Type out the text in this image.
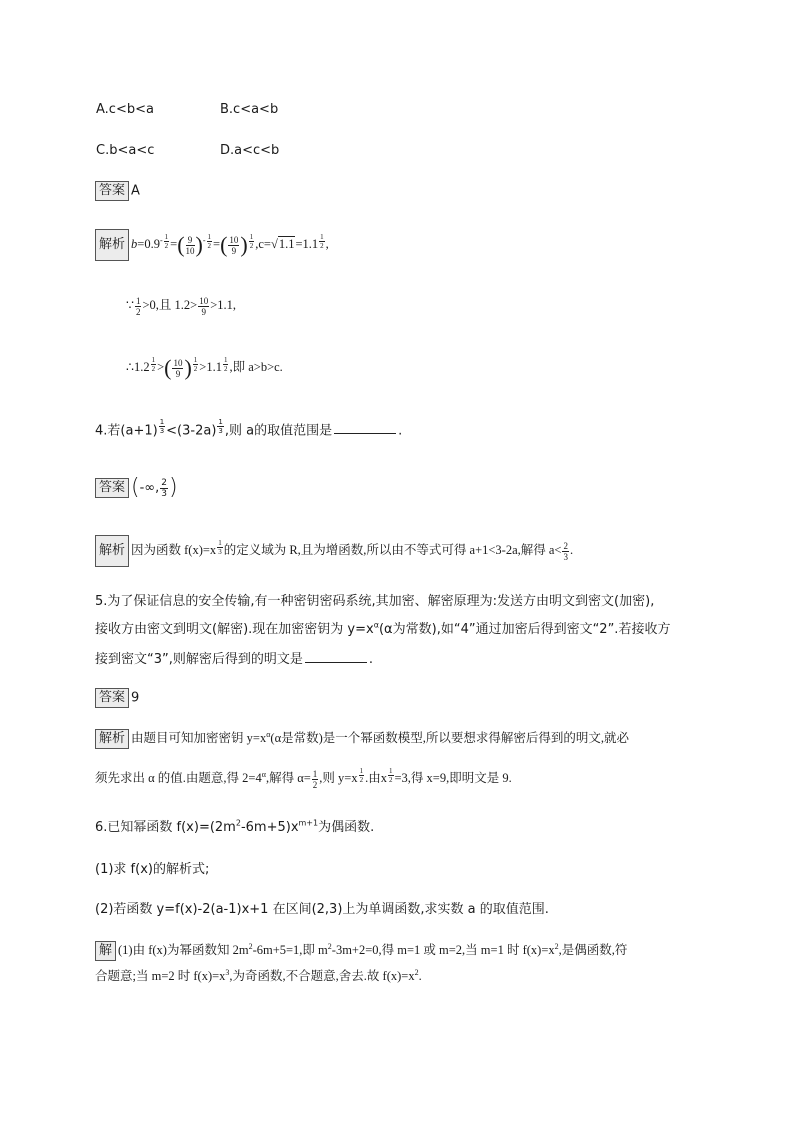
A.c<b<a	B.c<a<b
C.b<a<c	D.a<c<b
答案 A
解析 $b=0.9^{- \frac{1}{2}}$ =( $\frac{9}{10} )^{- \frac{1}{2}}$ =( $\frac{10}{9}$ ) $^{\frac{1}{2}}$ ,c=√1.1=1.1 $^{\frac{1}{2}}$ ,
∵ $\frac{1}{2} >0$,且 $1.2> \frac{10}{9} >1.1$,
∴1.2 $^{\frac{1}{2}}$ >( $\frac{10}{9}$ ) $^{\frac{1}{2}}$ >1.1 $^{\frac{1}{2}}$ ,即 a>b>c.
4.若(a+1) $^{\frac{1}{3}}$ <(3-2a) $^{\frac{1}{3}}$ ,则 a的取值范围是	.
答案 (-∞, $\frac{2}{3}$ )
解析 因为函数 f(x)=x $^{\frac{1}{3}}$ 的定义域为 R,且为增函数,所以由不等式可得 a+1<3-2a,解得 $a< \frac{2}{3}$ .
5.为了保证信息的安全传输,有一种密钥密码系统,其加密、解密原理为:发送方由明文到密文(加密),
接收方由密文到明文(解密).现在加密密钥为 $y=x^\alpha(\alpha$为常数),如“4”通过加密后得到密文“2”.若接收方
接到密文“3”,则解密后得到的明文是	.
答案 9
解析 由题目可知加密密钥 $y=x^\alpha(\alpha$是常数)是一个幂函数模型,所以要想求得解密后得到的明文,就必
须先求出 α 的值.由题意,得 $2=4^\alpha$,解得 $\alpha= \frac{1}{2}$ ,则 y=x $^{\frac{1}{2}}$ .由x $^{\frac{1}{2}}$ =3,得 x=9,即明文是 9.
6.已知幂函数 $f(x)=(2m^2-6m+5)x^{m+1}$为偶函数.
(1)求 f(x)的解析式;
(2)若函数 y=f(x)-2(a-1)x+1 在区间(2,3)上为单调函数,求实数 a 的取值范围.
解 (1)由 f(x)为幂函数知 $2m^2-6m+5=1$,即 $m^2-3m+2=0$,得 m=1 或 m=2,当 m=1 时 $f(x)=x^2$,是偶函数,符
合题意;当 m=2 时 $f(x)=x^3$,为奇函数,不合题意,舍去.故 $f(x)=x^2$.
